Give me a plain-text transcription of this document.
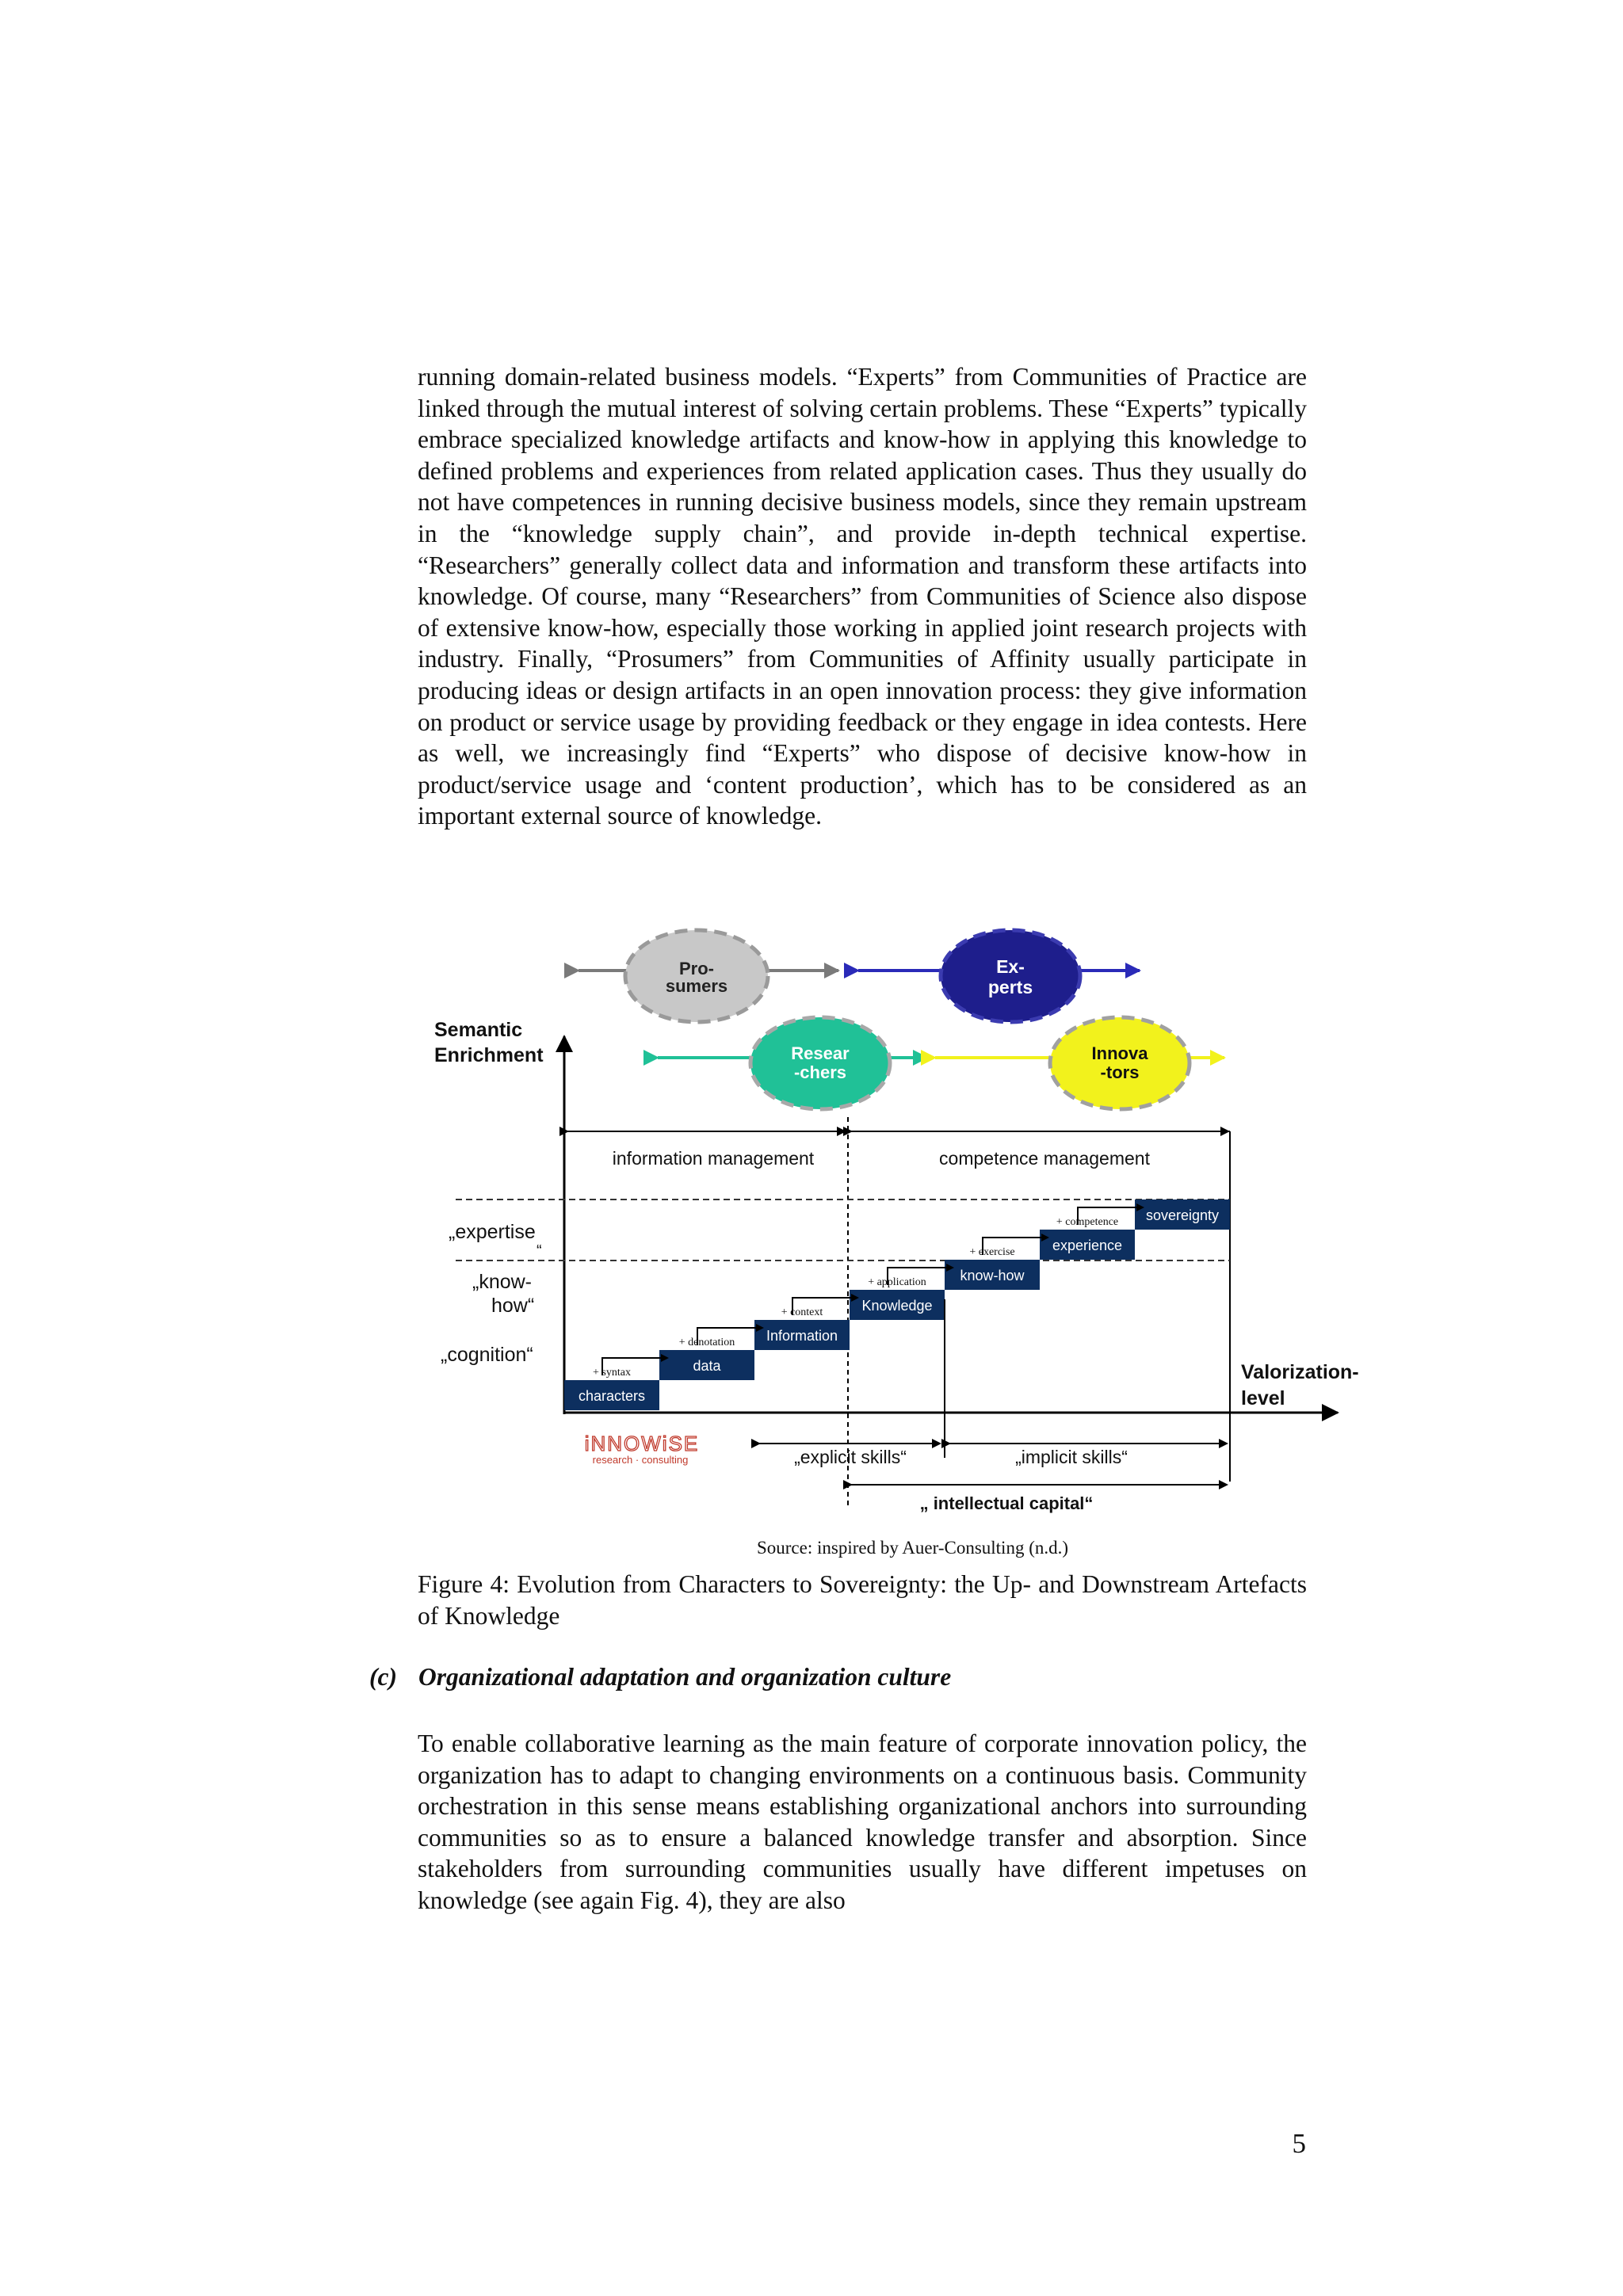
running domain-related business models. “Experts” from Communities of Practice are linked through the mutual interest of solving certain problems. These “Experts” typically embrace specialized knowledge artifacts and know-how in applying this knowledge to defined problems and experiences from related application cases. Thus they usually do not have competences in running decisive business models, since they remain upstream in the “knowledge supply chain”, and provide in-depth technical expertise. “Researchers” generally collect data and information and transform these artifacts into knowledge. Of course, many “Researchers” from Communities of Science also dispose of extensive know-how, especially those working in applied joint research projects with industry. Finally, “Prosumers” from Communities of Affinity usually participate in producing ideas or design artifacts in an open innovation process: they give information on product or service usage by providing feedback or they engage in idea contests. Here as well, we increasingly find “Experts” who dispose of decisive know-how in product/service usage and ‘content production’, which has to be considered as an important external source of knowledge.

Pro-
sumers
Ex-
perts
Resear
-chers
Innova
-tors
Semantic
Enrichment
Valorization-
level
information management	competence management
„expertise
“
„know-
how“
„cognition“
characters
data
Information
Knowledge
know-how
experience
sovereignty
+ syntax
+ denotation
+ context
+ application
+ exercise
+ competence
iNNOWiSE
research · consulting	„explicit skills“	„implicit skills“
„ intellectual capital“
Source: inspired by Auer-Consulting (n.d.)

Figure 4: Evolution from Characters to Sovereignty: the Up- and Downstream Artefacts of Knowledge

(c) Organizational adaptation and organization culture

To enable collaborative learning as the main feature of corporate innovation policy, the organization has to adapt to changing environments on a continuous basis. Community orchestration in this sense means establishing organizational anchors into surrounding communities so as to ensure a balanced knowledge transfer and absorption. Since stakeholders from surrounding communities usually have different impetuses on knowledge (see again Fig. 4), they are also

5
